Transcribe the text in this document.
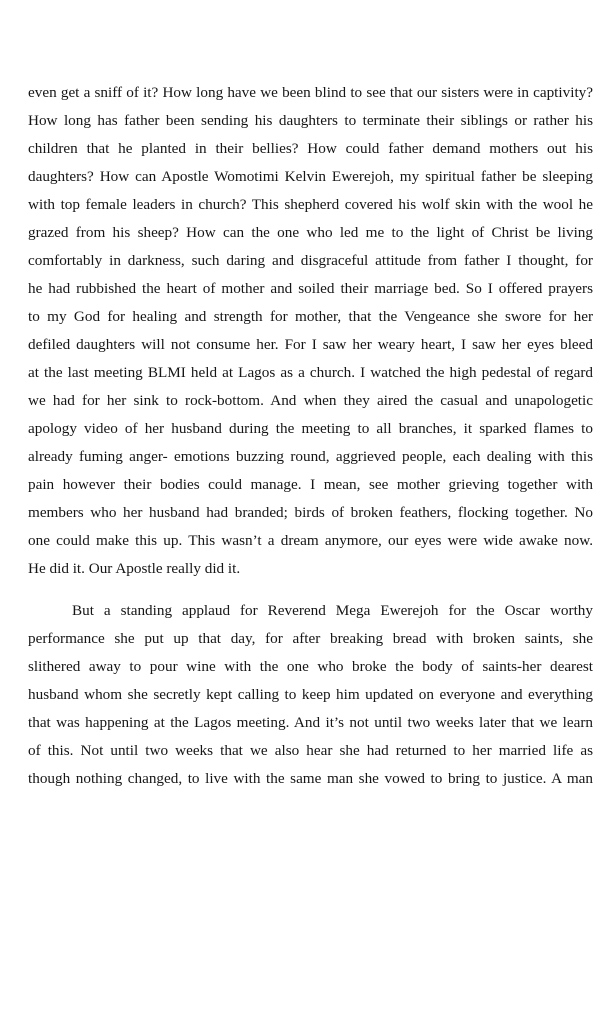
even get a sniff of it? How long have we been blind to see that our sisters were in captivity?
How long has father been sending his daughters to terminate their siblings or rather his
children that he planted in their bellies? How could father demand mothers out his
daughters? How can Apostle Womotimi Kelvin Ewerejoh, my spiritual father be sleeping
with top female leaders in church? This shepherd covered his wolf skin with the wool he
grazed from his sheep? How can the one who led me to the light of Christ be living
comfortably in darkness, such daring and disgraceful attitude from father I thought, for
he had rubbished the heart of mother and soiled their marriage bed. So I offered prayers
to my God for healing and strength for mother, that the Vengeance she swore for her
defiled daughters will not consume her. For I saw her weary heart, I saw her eyes bleed
at the last meeting BLMI held at Lagos as a church. I watched the high pedestal of regard
we had for her sink to rock-bottom. And when they aired the casual and unapologetic
apology video of her husband during the meeting to all branches, it sparked flames to
already fuming anger- emotions buzzing round, aggrieved people, each dealing with this
pain however their bodies could manage. I mean, see mother grieving together with
members who her husband had branded; birds of broken feathers, flocking together. No
one could make this up. This wasn’t a dream anymore, our eyes were wide awake now.
He did it. Our Apostle really did it.
But a standing applaud for Reverend Mega Ewerejoh for the Oscar worthy
performance she put up that day, for after breaking bread with broken saints, she
slithered away to pour wine with the one who broke the body of saints-her dearest
husband whom she secretly kept calling to keep him updated on everyone and everything
that was happening at the Lagos meeting. And it’s not until two weeks later that we learn
of this. Not until two weeks that we also hear she had returned to her married life as
though nothing changed, to live with the same man she vowed to bring to justice. A man
